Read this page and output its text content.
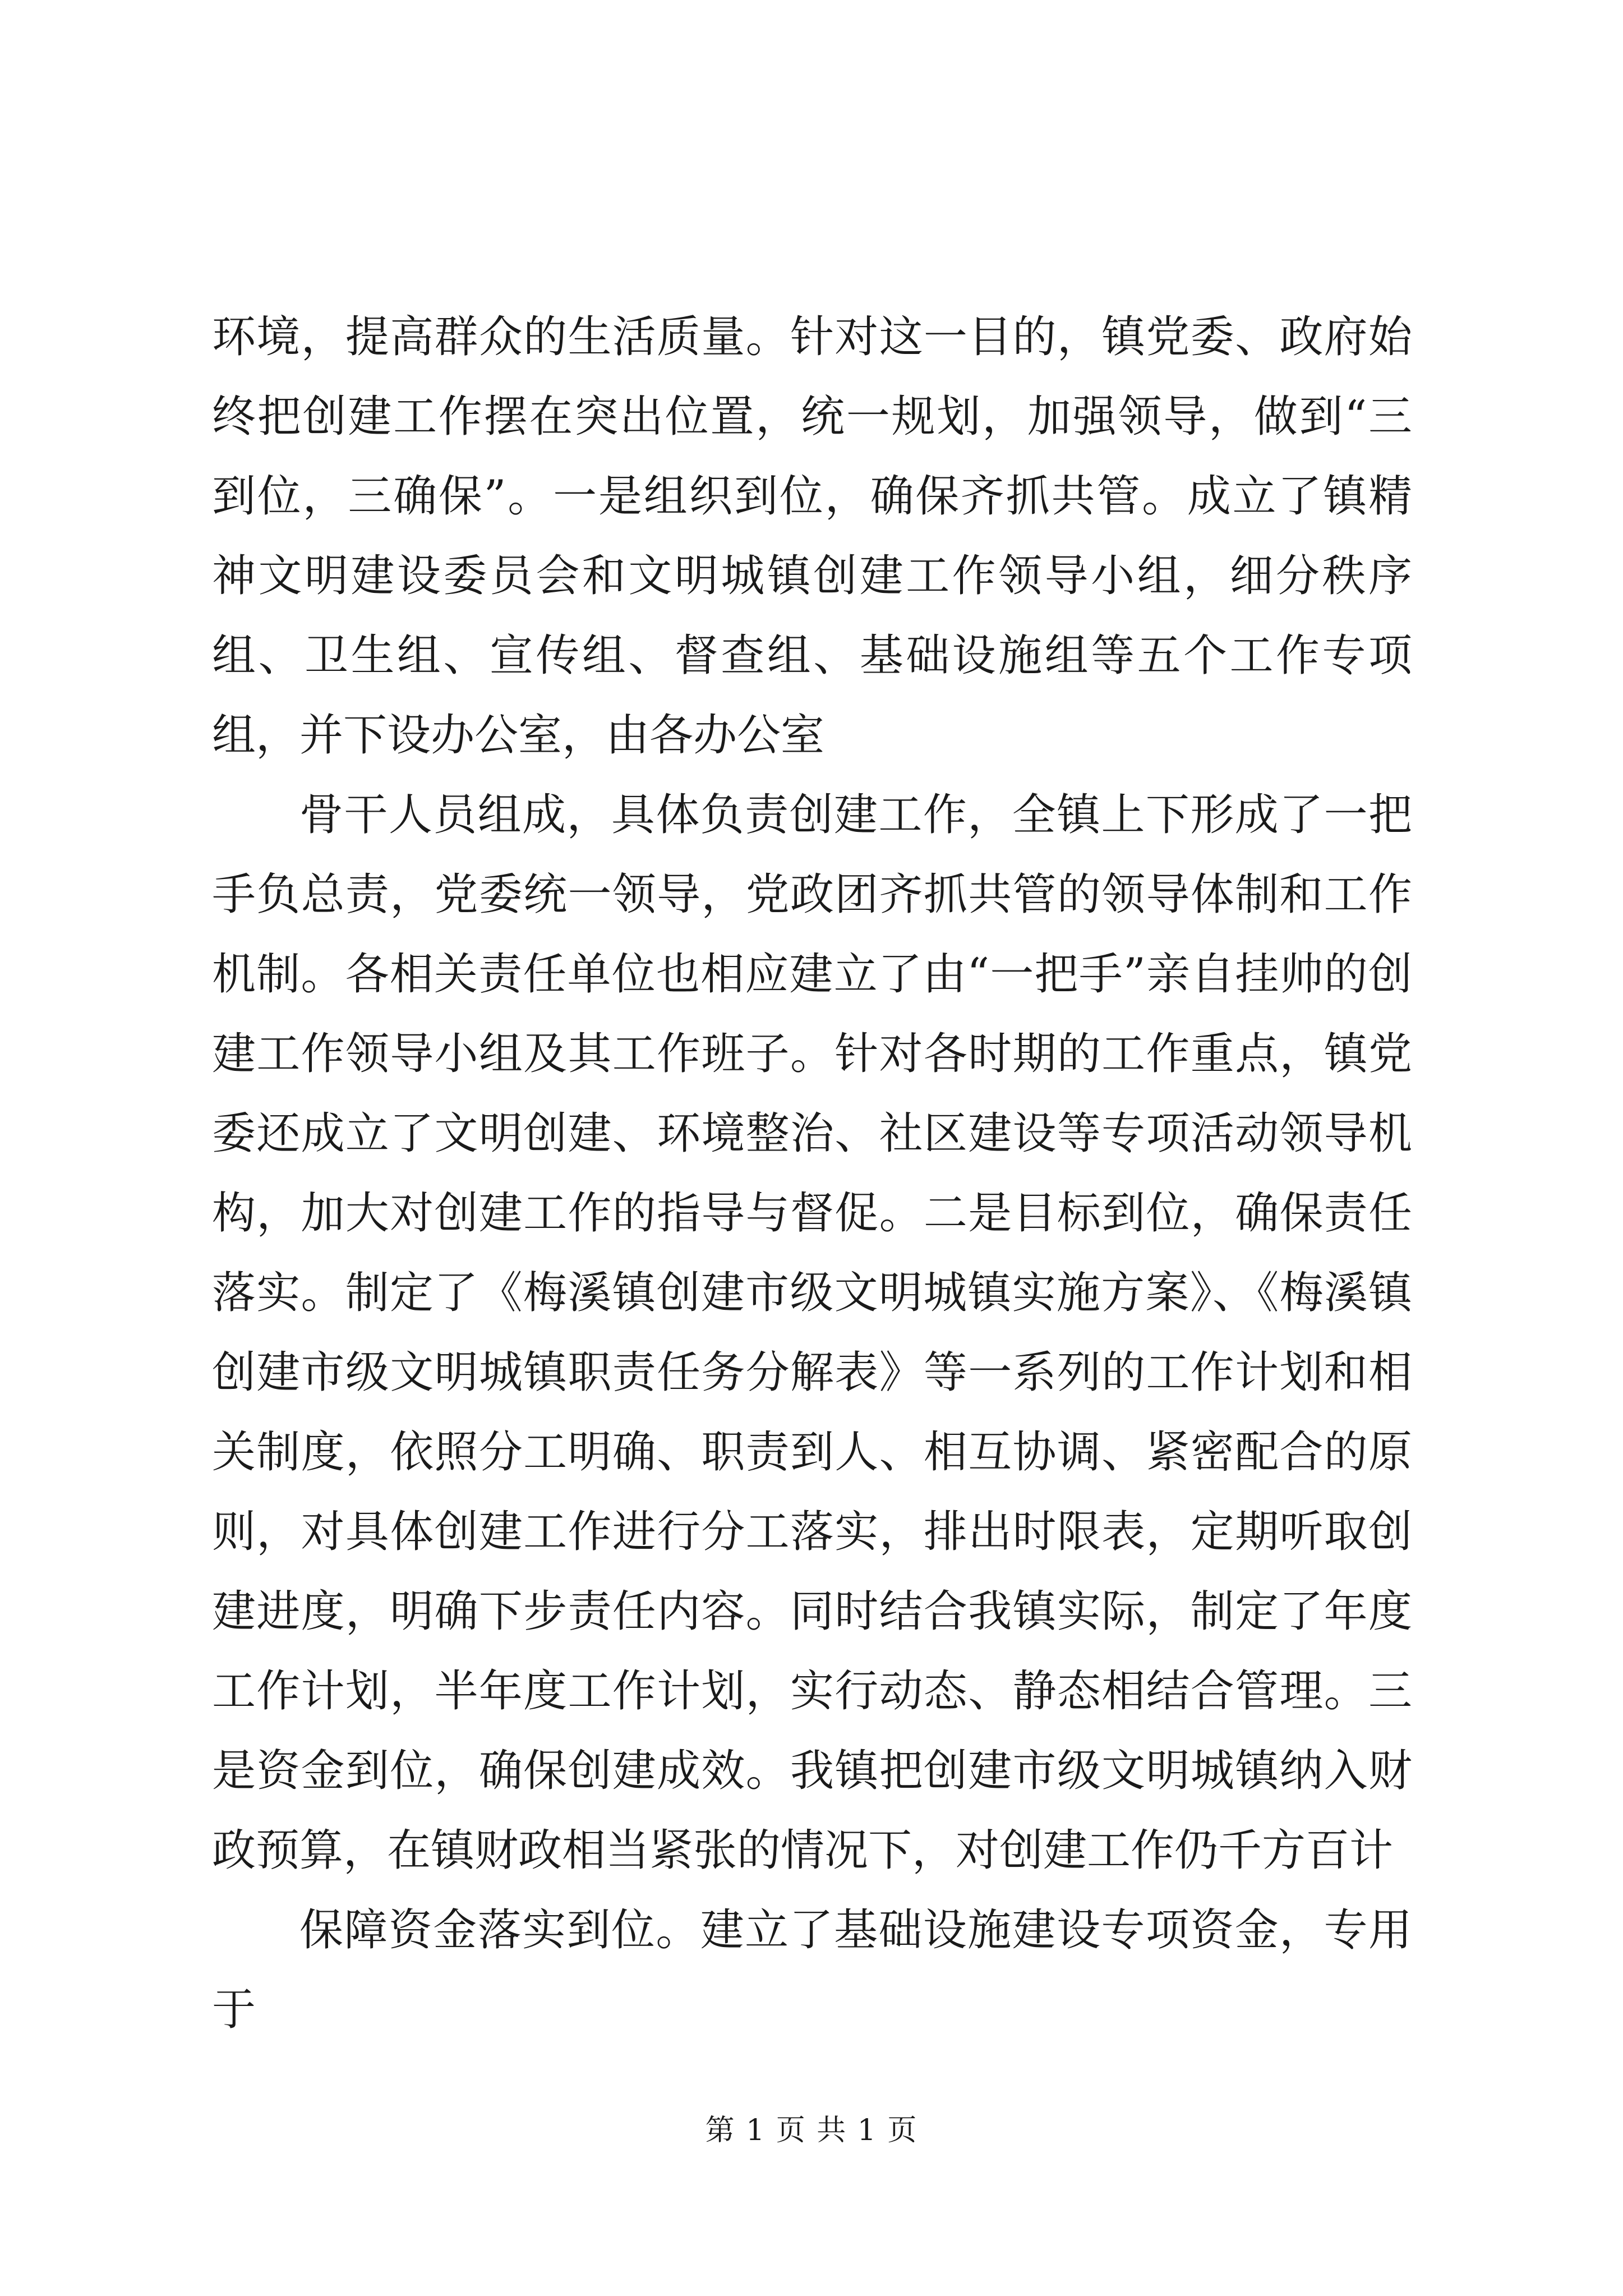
环境，提高群众的生活质量。针对这一目的，镇党委、政府始终把创建工作摆在突出位置，统一规划，加强领导，做到“三到位，三确保”。一是组织到位，确保齐抓共管。成立了镇精神文明建设委员会和文明城镇创建工作领导小组，细分秩序组、卫生组、宣传组、督查组、基础设施组等五个工作专项组，并下设办公室，由各办公室

骨干人员组成，具体负责创建工作，全镇上下形成了一把手负总责，党委统一领导，党政团齐抓共管的领导体制和工作机制。各相关责任单位也相应建立了由“一把手”亲自挂帅的创建工作领导小组及其工作班子。针对各时期的工作重点，镇党委还成立了文明创建、环境整治、社区建设等专项活动领导机构，加大对创建工作的指导与督促。二是目标到位，确保责任落实。制定了《梅溪镇创建市级文明城镇实施方案》、《梅溪镇创建市级文明城镇职责任务分解表》等一系列的工作计划和相关制度，依照分工明确、职责到人、相互协调、紧密配合的原则，对具体创建工作进行分工落实，排出时限表，定期听取创建进度，明确下步责任内容。同时结合我镇实际，制定了年度工作计划，半年度工作计划，实行动态、静态相结合管理。三是资金到位，确保创建成效。我镇把创建市级文明城镇纳入财政预算，在镇财政相当紧张的情况下，对创建工作仍千方百计

保障资金落实到位。建立了基础设施建设专项资金，专用于

第 1 页 共 1 页
